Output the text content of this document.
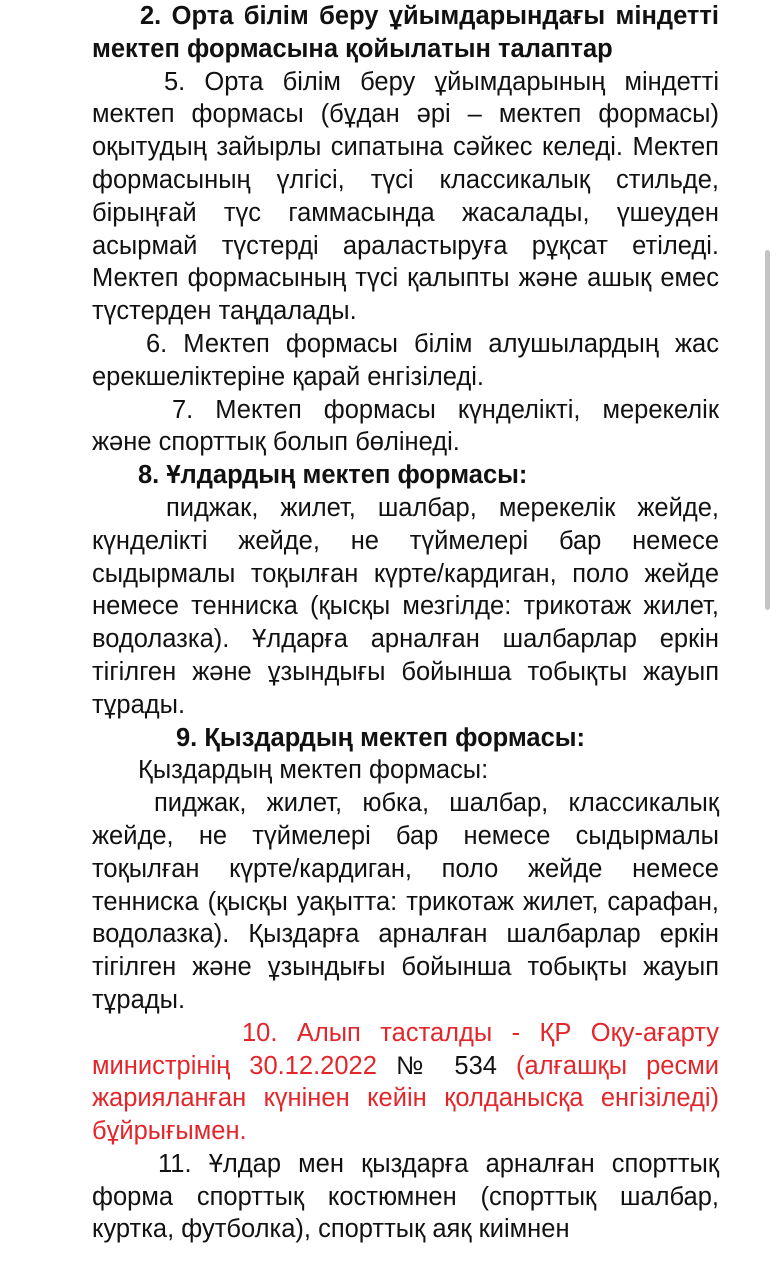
2. Орта білім беру ұйымдарындағы міндетті мектеп формасына қойылатын талаптар

5. Орта білім беру ұйымдарының міндетті мектеп формасы (бұдан әрі – мектеп формасы) оқытудың зайырлы сипатына сәйкес келеді. Мектеп формасының үлгісі, түсі классикалық стильде, бірыңғай түс гаммасында жасалады, үшеуден асырмай түстерді араластыруға рұқсат етіледі. Мектеп формасының түсі қалыпты және ашық емес түстерден таңдалады.

6. Мектеп формасы білім алушылардың жас ерекшеліктеріне қарай енгізіледі.

7. Мектеп формасы күнделікті, мерекелік және спорттық болып бөлінеді.

8. Ұлдардың мектеп формасы:

пиджак, жилет, шалбар, мерекелік жейде, күнделікті жейде, не түймелері бар немесе сыдырмалы тоқылған күрте/кардиган, поло жейде немесе тенниска (қысқы мезгілде: трикотаж жилет, водолазка). Ұлдарға арналған шалбарлар еркін тігілген және ұзындығы бойынша тобықты жауып тұрады.

9. Қыздардың мектеп формасы:

Қыздардың мектеп формасы:

пиджак, жилет, юбка, шалбар, классикалық жейде, не түймелері бар немесе сыдырмалы тоқылған күрте/кардиган, поло жейде немесе тенниска (қысқы уақытта: трикотаж жилет, сарафан, водолазка). Қыздарға арналған шалбарлар еркін тігілген және ұзындығы бойынша тобықты жауып тұрады.

10. Алып тасталды - ҚР Оқу-ағарту министрінің 30.12.2022 № 534 (алғашқы ресми жарияланған күнінен кейін қолданысқа енгізіледі) бұйрығымен.

11. Ұлдар мен қыздарға арналған спорттық форма спорттық костюмнен (спорттық шалбар, куртка, футболка), спорттық аяқ киімнен
